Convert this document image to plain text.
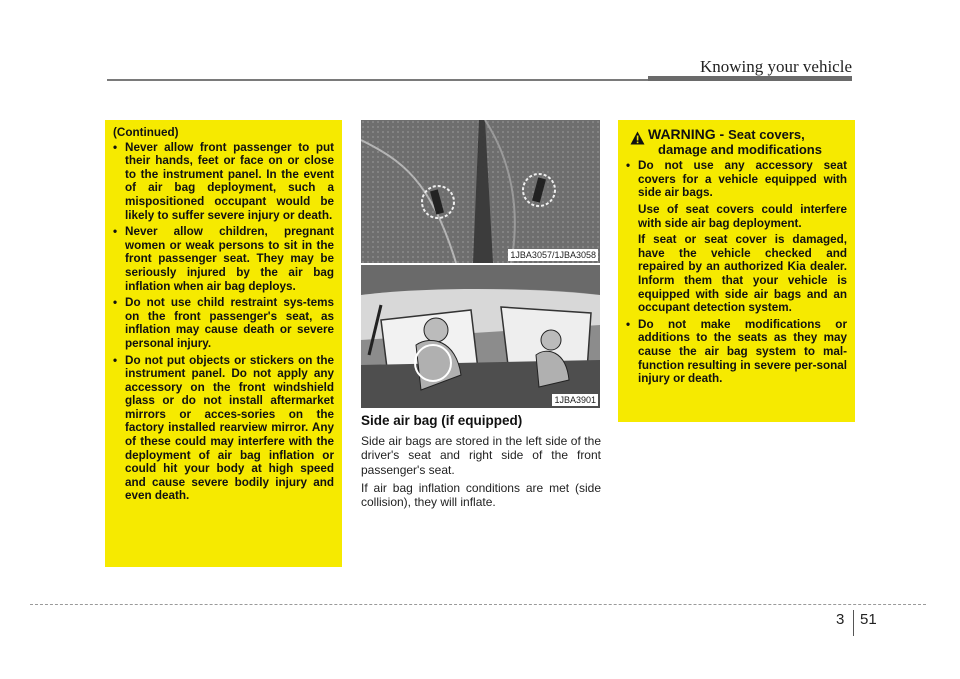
Knowing your vehicle
(Continued)
• Never allow front passenger to put their hands, feet or face on or close to the instrument panel. In the event of air bag deployment, such a mispositioned occupant would be likely to suffer severe injury or death.
• Never allow children, pregnant women or weak persons to sit in the front passenger seat. They may be seriously injured by the air bag inflation when air bag deploys.
• Do not use child restraint sys-tems on the front passenger's seat, as inflation may cause death or severe personal injury.
• Do not put objects or stickers on the instrument panel. Do not apply any accessory on the front windshield glass or do not install aftermarket mirrors or acces-sories on the factory installed rearview mirror. Any of these could may interfere with the deployment of air bag inflation or could hit your body at high speed and cause severe bodily injury and even death.
1JBA3057/1JBA3058
1JBA3901
Side air bag (if equipped)
Side air bags are stored in the left side of the driver's seat and right side of the front passenger's seat.
If air bag inflation conditions are met (side collision), they will inflate.
WARNING - Seat covers,
damage and modifications
• Do not use any accessory seat covers for a vehicle equipped with side air bags.

Use of seat covers could interfere with side air bag deployment.

If seat or seat cover is damaged, have the vehicle checked and repaired by an authorized Kia dealer. Inform them that your vehicle is equipped with side air bags and an occupant detection system.

• Do not make modifications or additions to the seats as they may cause the air bag system to mal-function resulting in severe per-sonal injury or death.
3 51
